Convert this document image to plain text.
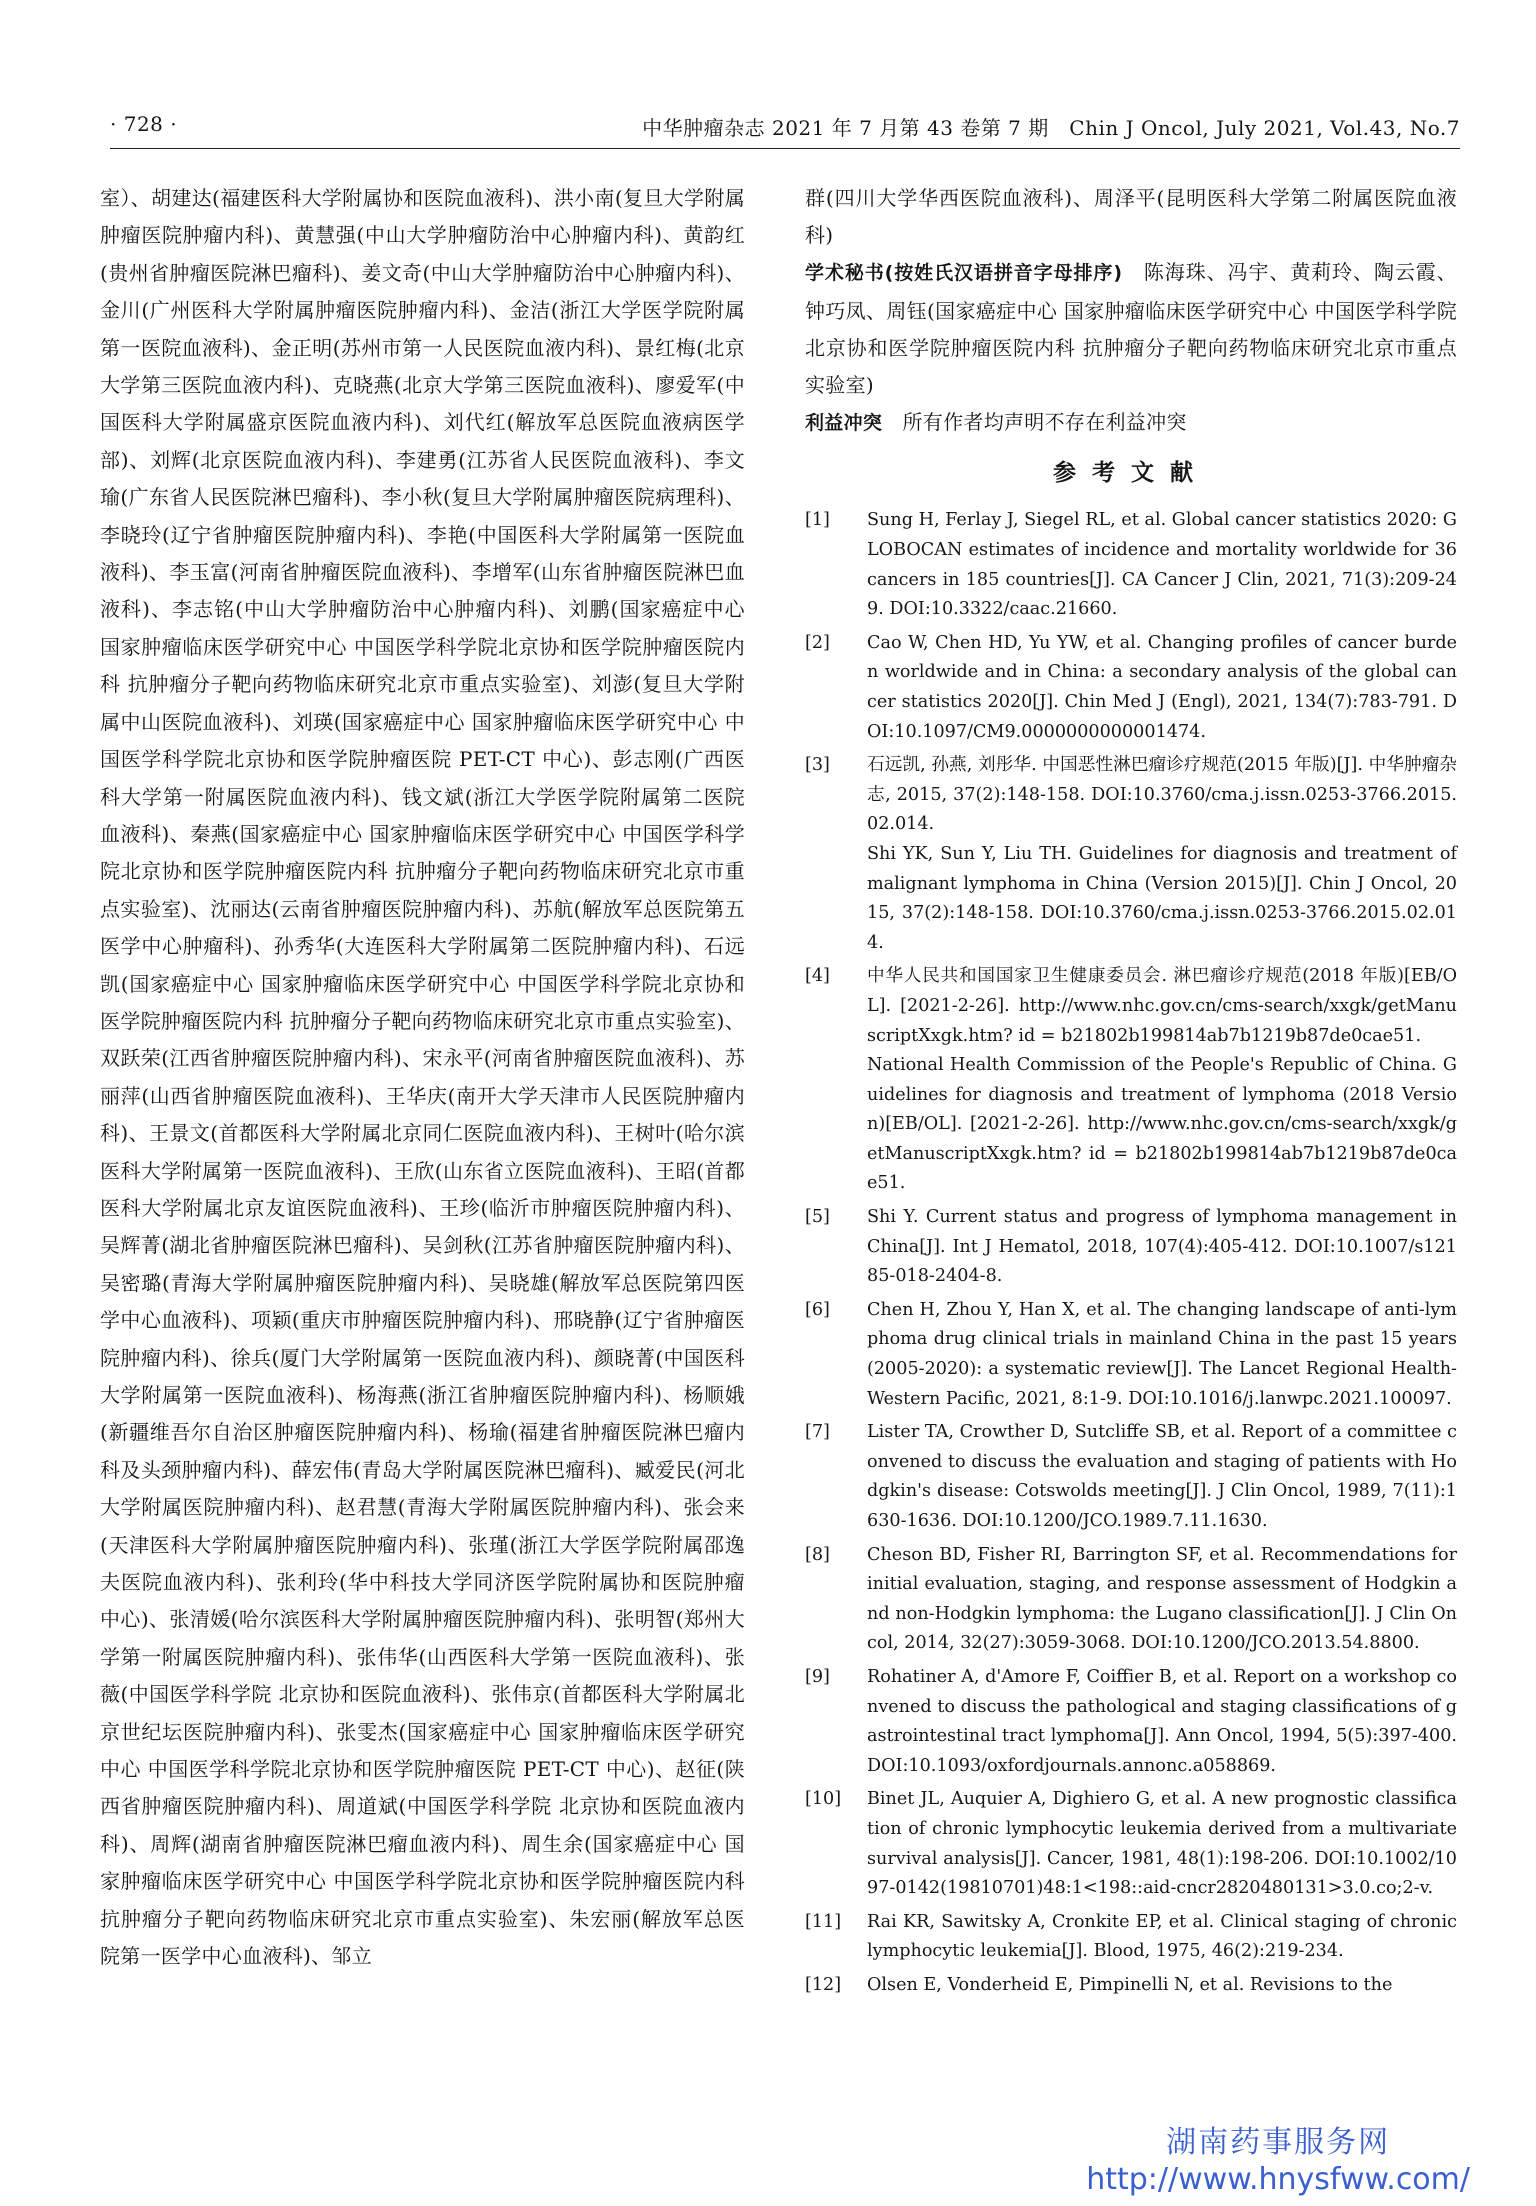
· 728 ·	中华肿瘤杂志 2021 年 7 月第 43 卷第 7 期　Chin J Oncol, July 2021, Vol.43, No.7

室）、胡建达(福建医科大学附属协和医院血液科)、洪小南(复旦大学附属肿瘤医院肿瘤内科)、黄慧强(中山大学肿瘤防治中心肿瘤内科)、黄韵红(贵州省肿瘤医院淋巴瘤科)、姜文奇(中山大学肿瘤防治中心肿瘤内科)、金川(广州医科大学附属肿瘤医院肿瘤内科)、金洁(浙江大学医学院附属第一医院血液科)、金正明(苏州市第一人民医院血液内科)、景红梅(北京大学第三医院血液内科)、克晓燕(北京大学第三医院血液科)、廖爱军(中国医科大学附属盛京医院血液内科)、刘代红(解放军总医院血液病医学部)、刘辉(北京医院血液内科)、李建勇(江苏省人民医院血液科)、李文瑜(广东省人民医院淋巴瘤科)、李小秋(复旦大学附属肿瘤医院病理科)、李晓玲(辽宁省肿瘤医院肿瘤内科)、李艳(中国医科大学附属第一医院血液科)、李玉富(河南省肿瘤医院血液科)、李增军(山东省肿瘤医院淋巴血液科)、李志铭(中山大学肿瘤防治中心肿瘤内科)、刘鹏(国家癌症中心 国家肿瘤临床医学研究中心 中国医学科学院北京协和医学院肿瘤医院内科 抗肿瘤分子靶向药物临床研究北京市重点实验室)、刘澎(复旦大学附属中山医院血液科)、刘瑛(国家癌症中心 国家肿瘤临床医学研究中心 中国医学科学院北京协和医学院肿瘤医院 PET-CT 中心)、彭志刚(广西医科大学第一附属医院血液内科)、钱文斌(浙江大学医学院附属第二医院血液科)、秦燕(国家癌症中心 国家肿瘤临床医学研究中心 中国医学科学院北京协和医学院肿瘤医院内科 抗肿瘤分子靶向药物临床研究北京市重点实验室)、沈丽达(云南省肿瘤医院肿瘤内科)、苏航(解放军总医院第五医学中心肿瘤科)、孙秀华(大连医科大学附属第二医院肿瘤内科)、石远凯(国家癌症中心 国家肿瘤临床医学研究中心 中国医学科学院北京协和医学院肿瘤医院内科 抗肿瘤分子靶向药物临床研究北京市重点实验室)、双跃荣(江西省肿瘤医院肿瘤内科)、宋永平(河南省肿瘤医院血液科)、苏丽萍(山西省肿瘤医院血液科)、王华庆(南开大学天津市人民医院肿瘤内科)、王景文(首都医科大学附属北京同仁医院血液内科)、王树叶(哈尔滨医科大学附属第一医院血液科)、王欣(山东省立医院血液科)、王昭(首都医科大学附属北京友谊医院血液科)、王珍(临沂市肿瘤医院肿瘤内科)、吴辉菁(湖北省肿瘤医院淋巴瘤科)、吴剑秋(江苏省肿瘤医院肿瘤内科)、吴密璐(青海大学附属肿瘤医院肿瘤内科)、吴晓雄(解放军总医院第四医学中心血液科)、项颖(重庆市肿瘤医院肿瘤内科)、邢晓静(辽宁省肿瘤医院肿瘤内科)、徐兵(厦门大学附属第一医院血液内科)、颜晓菁(中国医科大学附属第一医院血液科)、杨海燕(浙江省肿瘤医院肿瘤内科)、杨顺娥(新疆维吾尔自治区肿瘤医院肿瘤内科)、杨瑜(福建省肿瘤医院淋巴瘤内科及头颈肿瘤内科)、薛宏伟(青岛大学附属医院淋巴瘤科)、臧爱民(河北大学附属医院肿瘤内科)、赵君慧(青海大学附属医院肿瘤内科)、张会来(天津医科大学附属肿瘤医院肿瘤内科)、张瑾(浙江大学医学院附属邵逸夫医院血液内科)、张利玲(华中科技大学同济医学院附属协和医院肿瘤中心)、张清媛(哈尔滨医科大学附属肿瘤医院肿瘤内科)、张明智(郑州大学第一附属医院肿瘤内科)、张伟华(山西医科大学第一医院血液科)、张薇(中国医学科学院 北京协和医院血液科)、张伟京(首都医科大学附属北京世纪坛医院肿瘤内科)、张雯杰(国家癌症中心 国家肿瘤临床医学研究中心 中国医学科学院北京协和医学院肿瘤医院 PET-CT 中心)、赵征(陕西省肿瘤医院肿瘤内科)、周道斌(中国医学科学院 北京协和医院血液内科)、周辉(湖南省肿瘤医院淋巴瘤血液内科)、周生余(国家癌症中心 国家肿瘤临床医学研究中心 中国医学科学院北京协和医学院肿瘤医院内科 抗肿瘤分子靶向药物临床研究北京市重点实验室)、朱宏丽(解放军总医院第一医学中心血液科)、邹立

群(四川大学华西医院血液科)、周泽平(昆明医科大学第二附属医院血液科)

学术秘书(按姓氏汉语拼音字母排序)　陈海珠、冯宇、黄莉玲、陶云霞、钟巧凤、周钰(国家癌症中心 国家肿瘤临床医学研究中心 中国医学科学院北京协和医学院肿瘤医院内科 抗肿瘤分子靶向药物临床研究北京市重点实验室)

利益冲突　所有作者均声明不存在利益冲突

参考文献
[1]	Sung H, Ferlay J, Siegel RL, et al. Global cancer statistics 2020: GLOBOCAN estimates of incidence and mortality worldwide for 36 cancers in 185 countries[J]. CA Cancer J Clin, 2021, 71(3):209-249. DOI:10.3322/caac.21660.

[2]	Cao W, Chen HD, Yu YW, et al. Changing profiles of cancer burden worldwide and in China: a secondary analysis of the global cancer statistics 2020[J]. Chin Med J (Engl), 2021, 134(7):783-791. DOI:10.1097/CM9.0000000000001474.

[3]	石远凯, 孙燕, 刘彤华. 中国恶性淋巴瘤诊疗规范(2015 年版)[J]. 中华肿瘤杂志, 2015, 37(2):148-158. DOI:10.3760/cma.j.issn.0253-3766.2015.02.014.

Shi YK, Sun Y, Liu TH. Guidelines for diagnosis and treatment of malignant lymphoma in China (Version 2015)[J]. Chin J Oncol, 2015, 37(2):148-158. DOI:10.3760/cma.j.issn.0253-3766.2015.02.014.

[4]	中华人民共和国国家卫生健康委员会. 淋巴瘤诊疗规范(2018 年版)[EB/OL]. [2021-2-26]. http://www.nhc.gov.cn/cms-search/xxgk/getManuscriptXxgk.htm? id = b21802b199814ab7b1219b87de0cae51.

National Health Commission of the People's Republic of China. Guidelines for diagnosis and treatment of lymphoma (2018 Version)[EB/OL]. [2021-2-26]. http://www.nhc.gov.cn/cms-search/xxgk/getManuscriptXxgk.htm? id = b21802b199814ab7b1219b87de0cae51.

[5]	Shi Y. Current status and progress of lymphoma management in China[J]. Int J Hematol, 2018, 107(4):405-412. DOI:10.1007/s12185-018-2404-8.

[6]	Chen H, Zhou Y, Han X, et al. The changing landscape of anti-lymphoma drug clinical trials in mainland China in the past 15 years (2005-2020): a systematic review[J]. The Lancet Regional Health-Western Pacific, 2021, 8:1-9. DOI:10.1016/j.lanwpc.2021.100097.

[7]	Lister TA, Crowther D, Sutcliffe SB, et al. Report of a committee convened to discuss the evaluation and staging of patients with Hodgkin's disease: Cotswolds meeting[J]. J Clin Oncol, 1989, 7(11):1630-1636. DOI:10.1200/JCO.1989.7.11.1630.

[8]	Cheson BD, Fisher RI, Barrington SF, et al. Recommendations for initial evaluation, staging, and response assessment of Hodgkin and non-Hodgkin lymphoma: the Lugano classification[J]. J Clin Oncol, 2014, 32(27):3059-3068. DOI:10.1200/JCO.2013.54.8800.

[9]	Rohatiner A, d'Amore F, Coiffier B, et al. Report on a workshop convened to discuss the pathological and staging classifications of gastrointestinal tract lymphoma[J]. Ann Oncol, 1994, 5(5):397-400. DOI:10.1093/oxfordjournals.annonc.a058869.

[10]	Binet JL, Auquier A, Dighiero G, et al. A new prognostic classification of chronic lymphocytic leukemia derived from a multivariate survival analysis[J]. Cancer, 1981, 48(1):198-206. DOI:10.1002/1097-0142(19810701)48:1<198::aid-cncr2820480131>3.0.co;2-v.

[11]	Rai KR, Sawitsky A, Cronkite EP, et al. Clinical staging of chronic lymphocytic leukemia[J]. Blood, 1975, 46(2):219-234.

[12]	Olsen E, Vonderheid E, Pimpinelli N, et al. Revisions to the

湖南药事服务网
http://www.hnysfww.com/
